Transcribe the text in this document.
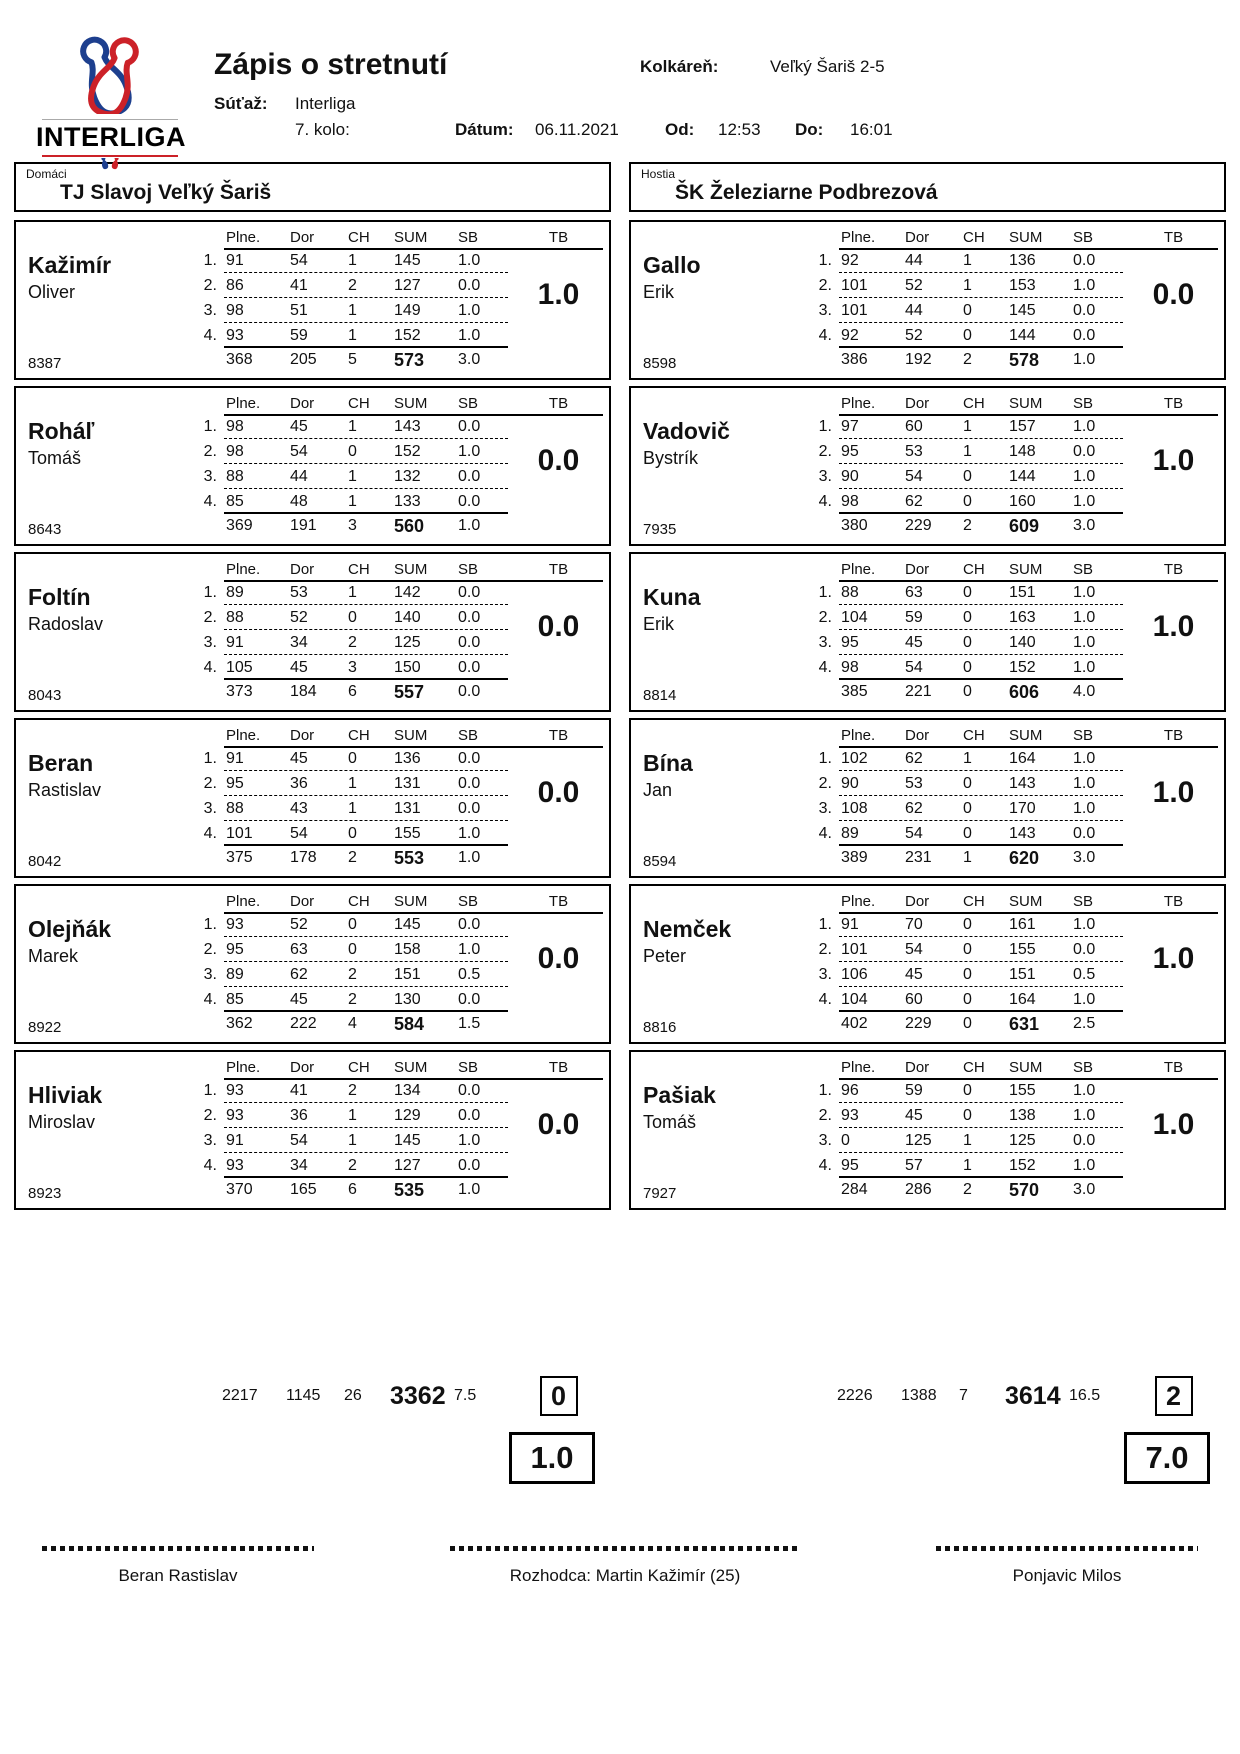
INTERLIGA
Zápis o stretnutí
Súťaž: Interliga
7. kolo:
Kolkáreň:	Veľký Šariš 2-5
Dátum: 06.11.2021	Od: 12:53 Do: 16:01
Domáci
TJ Slavoj Veľký Šariš
Kažimír
Oliver
8387
Plne.	Dor	CH	SUM	SB
1. 91	54	1	145	1.0
2. 86	41	2	127	0.0
3. 98	51	1	149	1.0
4. 93	59	1	152	1.0
368	205	5	573	3.0
TB
1.0
Roháľ
Tomáš
8643
Plne.	Dor	CH	SUM	SB
1. 98	45	1	143	0.0
2. 98	54	0	152	1.0
3. 88	44	1	132	0.0
4. 85	48	1	133	0.0
369	191	3	560	1.0
TB
0.0
Foltín
Radoslav
8043
Plne.	Dor	CH	SUM	SB
1. 89	53	1	142	0.0
2. 88	52	0	140	0.0
3. 91	34	2	125	0.0
4. 105	45	3	150	0.0
373	184	6	557	0.0
TB
0.0
Beran
Rastislav
8042
Plne.	Dor	CH	SUM	SB
1. 91	45	0	136	0.0
2. 95	36	1	131	0.0
3. 88	43	1	131	0.0
4. 101	54	0	155	1.0
375	178	2	553	1.0
TB
0.0
Olejňák
Marek
8922
Plne.	Dor	CH	SUM	SB
1. 93	52	0	145	0.0
2. 95	63	0	158	1.0
3. 89	62	2	151	0.5
4. 85	45	2	130	0.0
362	222	4	584	1.5
TB
0.0
Hliviak
Miroslav
8923
Plne.	Dor	CH	SUM	SB
1. 93	41	2	134	0.0
2. 93	36	1	129	0.0
3. 91	54	1	145	1.0
4. 93	34	2	127	0.0
370	165	6	535	1.0
TB
0.0
2217	1145	26	3362 7.5	0
1.0
Hostia
ŠK Železiarne Podbrezová
Gallo
Erik
8598
Plne.	Dor	CH	SUM	SB
1. 92	44	1	136	0.0
2. 101	52	1	153	1.0
3. 101	44	0	145	0.0
4. 92	52	0	144	0.0
386	192	2	578	1.0
TB
0.0
Vadovič
Bystrík
7935
Plne.	Dor	CH	SUM	SB
1. 97	60	1	157	1.0
2. 95	53	1	148	0.0
3. 90	54	0	144	1.0
4. 98	62	0	160	1.0
380	229	2	609	3.0
TB
1.0
Kuna
Erik
8814
Plne.	Dor	CH	SUM	SB
1. 88	63	0	151	1.0
2. 104	59	0	163	1.0
3. 95	45	0	140	1.0
4. 98	54	0	152	1.0
385	221	0	606	4.0
TB
1.0
Bína
Jan
8594
Plne.	Dor	CH	SUM	SB
1. 102	62	1	164	1.0
2. 90	53	0	143	1.0
3. 108	62	0	170	1.0
4. 89	54	0	143	0.0
389	231	1	620	3.0
TB
1.0
Nemček
Peter
8816
Plne.	Dor	CH	SUM	SB
1. 91	70	0	161	1.0
2. 101	54	0	155	0.0
3. 106	45	0	151	0.5
4. 104	60	0	164	1.0
402	229	0	631	2.5
TB
1.0
Pašiak
Tomáš
7927
Plne.	Dor	CH	SUM	SB
1. 96	59	0	155	1.0
2. 93	45	0	138	1.0
3. 0	125	1	125	0.0
4. 95	57	1	152	1.0
284	286	2	570	3.0
TB
1.0
2226	1388	7	3614 16.5	2
7.0
Beran Rastislav	Rozhodca: Martin Kažimír (25)	Ponjavic Milos
